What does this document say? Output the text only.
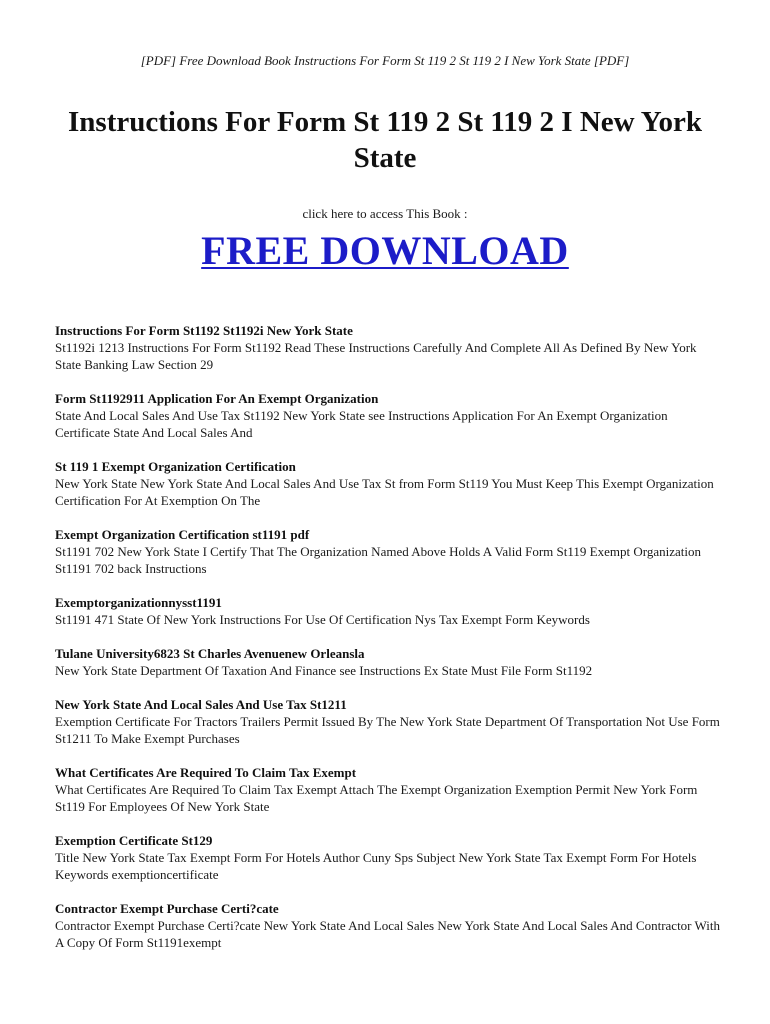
[PDF] Free Download Book Instructions For Form St 119 2 St 119 2 I New York State [PDF]
Instructions For Form St 119 2 St 119 2 I New York State
click here to access This Book :
FREE DOWNLOAD
Instructions For Form St1192 St1192i New York State
St1192i 1213 Instructions For Form St1192 Read These Instructions Carefully And Complete All As Defined By New York State Banking Law Section 29
Form St1192911 Application For An Exempt Organization
State And Local Sales And Use Tax St1192 New York State see Instructions Application For An Exempt Organization Certificate State And Local Sales And
St 119 1 Exempt Organization Certification
New York State New York State And Local Sales And Use Tax St from Form St119 You Must Keep This Exempt Organization Certification For At Exemption On The
Exempt Organization Certification st1191 pdf
St1191 702 New York State I Certify That The Organization Named Above Holds A Valid Form St119 Exempt Organization St1191 702 back Instructions
Exemptorganizationnysst1191
St1191 471 State Of New York Instructions For Use Of Certification Nys Tax Exempt Form Keywords
Tulane University6823 St Charles Avenuenew Orleansla
New York State Department Of Taxation And Finance see Instructions Ex State Must File Form St1192
New York State And Local Sales And Use Tax St1211
Exemption Certificate For Tractors Trailers Permit Issued By The New York State Department Of Transportation Not Use Form St1211 To Make Exempt Purchases
What Certificates Are Required To Claim Tax Exempt
What Certificates Are Required To Claim Tax Exempt Attach The Exempt Organization Exemption Permit New York Form St119 For Employees Of New York State
Exemption Certificate St129
Title New York State Tax Exempt Form For Hotels Author Cuny Sps Subject New York State Tax Exempt Form For Hotels Keywords exemptioncertificate
Contractor Exempt Purchase Certi?cate
Contractor Exempt Purchase Certi?cate New York State And Local Sales New York State And Local Sales And Contractor With A Copy Of Form St1191exempt
